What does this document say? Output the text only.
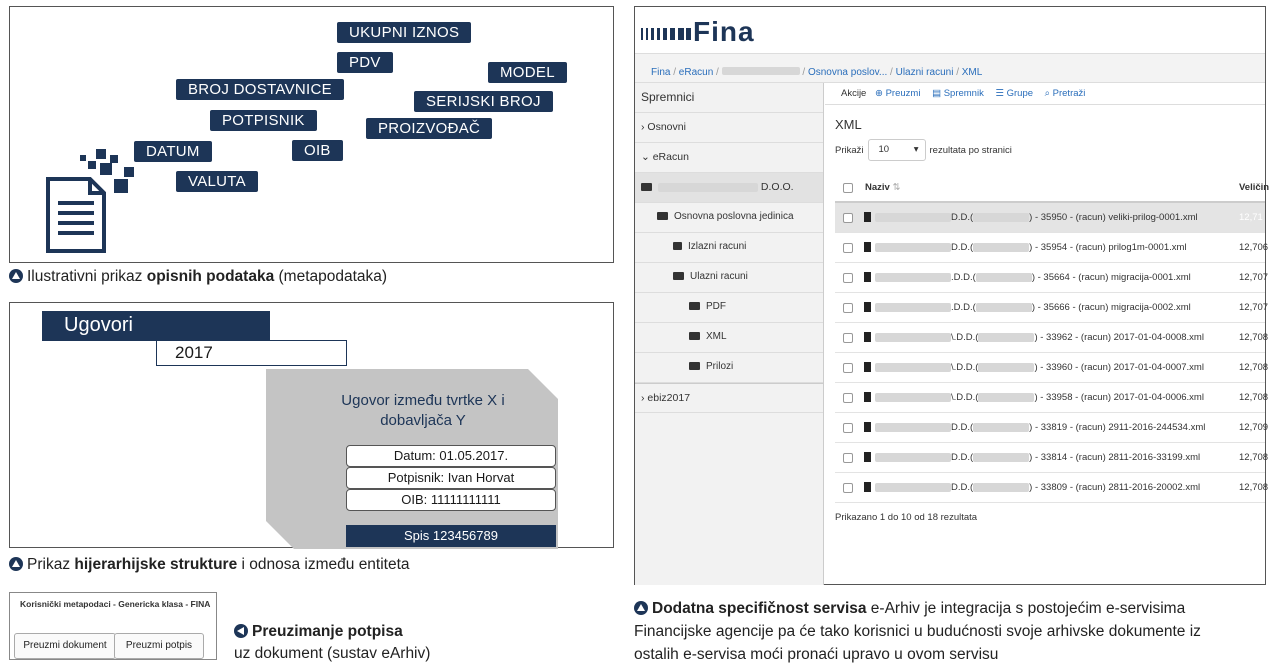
UKUPNI IZNOS
PDV
MODEL
BROJ DOSTAVNICE
SERIJSKI BROJ
POTPISNIK	PROIZVOĐAČ
DATUM	OIB
VALUTA
Ilustrativni prikaz opisnih podataka (metapodataka)
Ugovori
2017
Ugovor između tvrtke X i dobavljača Y
Datum: 01.05.2017.
Potpisnik: Ivan Horvat
OIB: 11111111111
Spis 123456789
Prikaz hijerarhijske strukture i odnosa između entiteta
Korisnički metapodaci - Genericka klasa - FINA
Preuzmi dokument	Preuzmi potpis
Preuzimanje potpisa
uz dokument (sustav eArhiv)
Fina
Fina / eRacun /	/ Osnovna poslov... / Ulazni racuni / XML
Spremnici
› Osnovni
⌄ eRacun
D.O.O.
Osnovna poslovna jedinica
Izlazni racuni
Ulazni racuni
PDF
XML
Prilozi
› ebiz2017
Akcije ⊕ Preuzmi ▤ Spremnik ☰ Grupe ⌕ Pretraži
XML
Prikaži	10	▾ rezultata po stranici
Naziv ⇅	Veličin
D.D.(	) - 35950 - (racun) veliki-prilog-0001.xml	12,71
D.D.(	) - 35954 - (racun) prilog1m-0001.xml	12,706
.D.D.(	) - 35664 - (racun) migracija-0001.xml	12,707
.D.D.(	) - 35666 - (racun) migracija-0002.xml	12,707
\.D.D.(	) - 33962 - (racun) 2017-01-04-0008.xml	12,708
\.D.D.(	) - 33960 - (racun) 2017-01-04-0007.xml	12,708
\.D.D.(	) - 33958 - (racun) 2017-01-04-0006.xml	12,708
D.D.(	) - 33819 - (racun) 2911-2016-244534.xml	12,709
D.D.(	) - 33814 - (racun) 2811-2016-33199.xml	12,708
D.D.(	) - 33809 - (racun) 2811-2016-20002.xml	12,708
Prikazano 1 do 10 od 18 rezultata
Dodatna specifičnost servisa e-Arhiv je integracija s postojećim e-servisima
Financijske agencije pa će tako korisnici u budućnosti svoje arhivske dokumente iz
ostalih e-servisa moći pronaći upravo u ovom servisu
